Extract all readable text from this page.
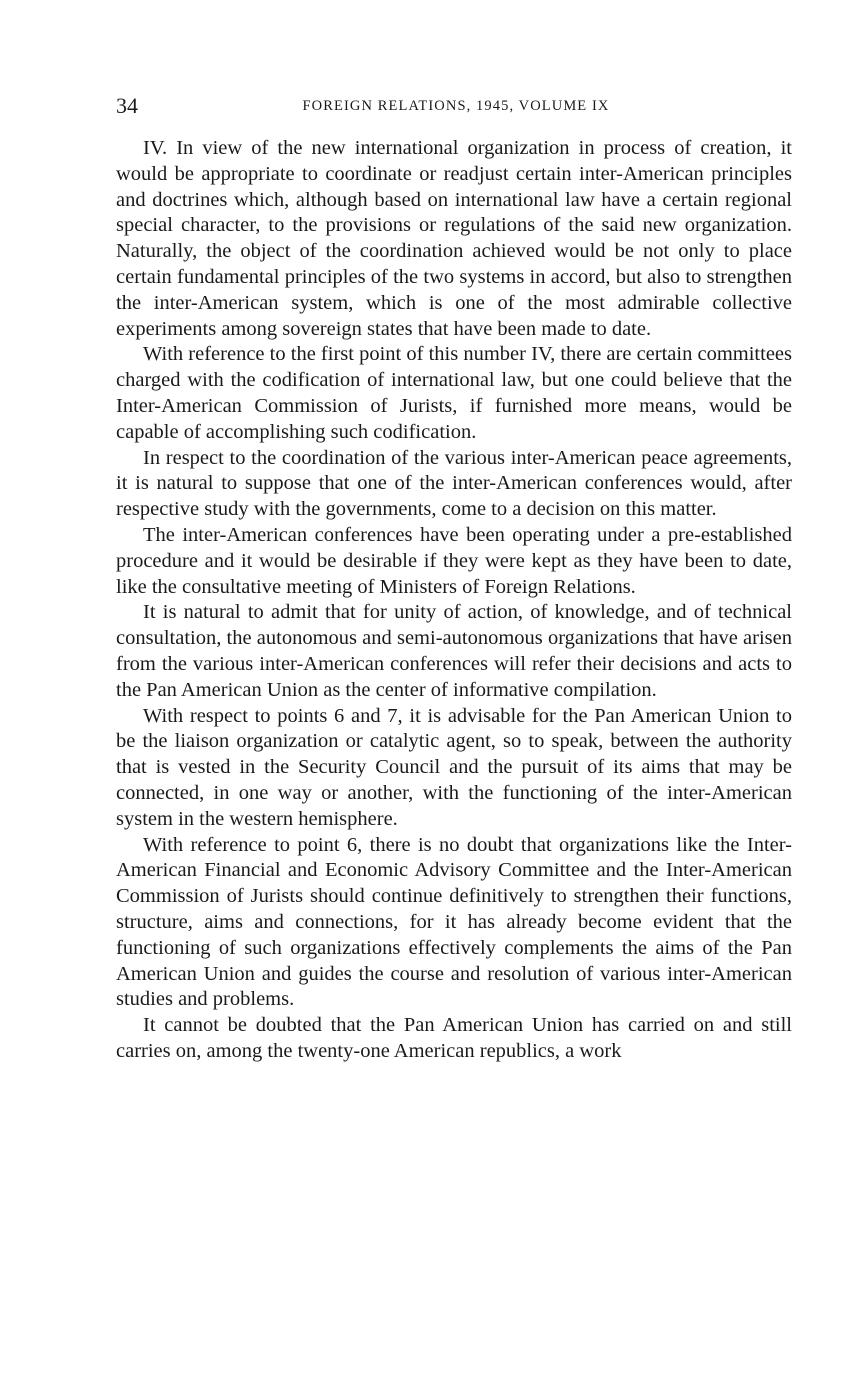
34	FOREIGN RELATIONS, 1945, VOLUME IX

IV. In view of the new international organization in process of creation, it would be appropriate to coordinate or readjust certain inter-American principles and doctrines which, although based on international law have a certain regional special character, to the provisions or regulations of the said new organization. Naturally, the object of the coordination achieved would be not only to place certain fundamental principles of the two systems in accord, but also to strengthen the inter-American system, which is one of the most admirable collective experiments among sovereign states that have been made to date.

With reference to the first point of this number IV, there are certain committees charged with the codification of international law, but one could believe that the Inter-American Commission of Jurists, if furnished more means, would be capable of accomplishing such codification.

In respect to the coordination of the various inter-American peace agreements, it is natural to suppose that one of the inter-American conferences would, after respective study with the governments, come to a decision on this matter.

The inter-American conferences have been operating under a pre-established procedure and it would be desirable if they were kept as they have been to date, like the consultative meeting of Ministers of Foreign Relations.

It is natural to admit that for unity of action, of knowledge, and of technical consultation, the autonomous and semi-autonomous organizations that have arisen from the various inter-American conferences will refer their decisions and acts to the Pan American Union as the center of informative compilation.

With respect to points 6 and 7, it is advisable for the Pan American Union to be the liaison organization or catalytic agent, so to speak, between the authority that is vested in the Security Council and the pursuit of its aims that may be connected, in one way or another, with the functioning of the inter-American system in the western hemisphere.

With reference to point 6, there is no doubt that organizations like the Inter-American Financial and Economic Advisory Committee and the Inter-American Commission of Jurists should continue definitively to strengthen their functions, structure, aims and connections, for it has already become evident that the functioning of such organizations effectively complements the aims of the Pan American Union and guides the course and resolution of various inter-American studies and problems.

It cannot be doubted that the Pan American Union has carried on and still carries on, among the twenty-one American republics, a work
